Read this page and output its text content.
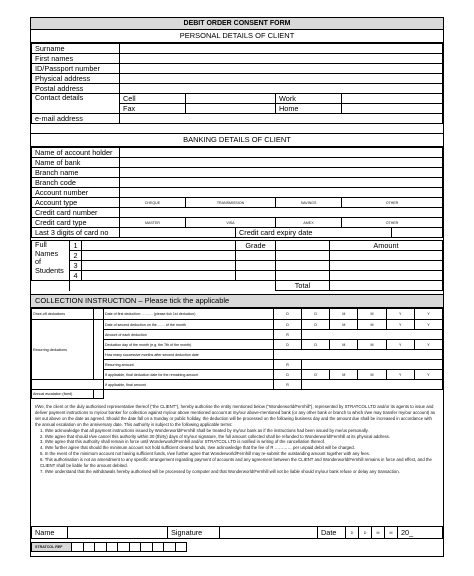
DEBIT ORDER CONSENT FORM
PERSONAL DETAILS OF CLIENT
Surname				
First names				
ID/Passport number				
Physical address				
Postal address				
Contact details	Cell		Work	
	Fax		Home	
e-mail address				
BANKING DETAILS OF CLIENT
Name of account holder						
Name of bank						
Branch name						
Branch code						
Account number						
Account type	CHEQUE	TRANSMISSION		SAVINGS	OTHER	
Credit card number						
Credit card type	MASTER	VISA		AMEX	OTHER	
Last 3 digits of card no			Credit card expiry date			
Full Names of Students	1		Grade		Amount
	2				
	3				
	4				
				Total	
COLLECTION INSTRUCTION – Please tick the applicable
Once-off deductions		Date of first deduction: ……… (please tick 1st deduction)	D	D	M	M	Y	Y
Recurring deductions		Date of second deduction on the …… of the month	D	D	M	M	Y	Y
		Amount of each deduction	R					
		Deduction day of the month (e.g. the 7th of the month)	D	D	M	M	Y	Y
		How many successive months after second deduction date						
		Recurring amount	R					
		If applicable, final deduction date for the remaining amount	D	D	M	M	Y	Y
		If applicable, final amount	R					
Annual escalation (fixed)								

I/We, the client or the duly authorised representative thereof (“the CLIENT”), hereby authorise the entity mentioned below (“Wonderworld/Fernhill”), represented by STRATCOL LTD and/or its agents to issue and deliver payment instructions to my/our banker for collection against my/our above mentioned account at my/our above-mentioned bank (or any other bank or branch to which I/we may transfer my/our account) as set out above on the date as agreed. Should the date fall on a Sunday or public holiday, the deduction will be processed on the following business day and the amount due shall be increased in accordance with the annual escalation on the anniversary date. This authority is subject to the following applicable terms:

1. I/We acknowledge that all payment instructions issued by Wonderworld/Fernhill shall be treated by my/our bank as if the instructions had been issued by me/us personally.

2. I/We agree that should I/we cancel this authority within 30 (thirty) days of my/our signature, the full amount collected shall be refunded to Wonderworld/Fernhill at its physical address.

3. I/We agree that this authority shall remain in force until Wonderworld/Fernhill and/or STRATCOL LTD is notified in writing of the cancellation thereof.

4. I/We further agree that should the minimum account not hold sufficient cleared funds, I/we acknowledge that the fee of R ………… per unpaid debit will be charged.

5. In the event of the minimum account not having sufficient funds, I/we further agree that Wonderworld/Fernhill may re-submit the outstanding amount together with any fees.

6. This authorisation is not an amendment to any specific arrangement regarding payment of accounts and any agreement between the CLIENT and Wonderworld/Fernhill remains in force and effect, and the CLIENT shall be liable for the amount debited.

7. I/We understand that the withdrawals hereby authorised will be processed by computer and that Wonderworld/Fernhill will not be liable should my/our bank refuse or delay any transaction.

Name		Signature		Date	D	D	M	M	20_
STRATCOL REF										
